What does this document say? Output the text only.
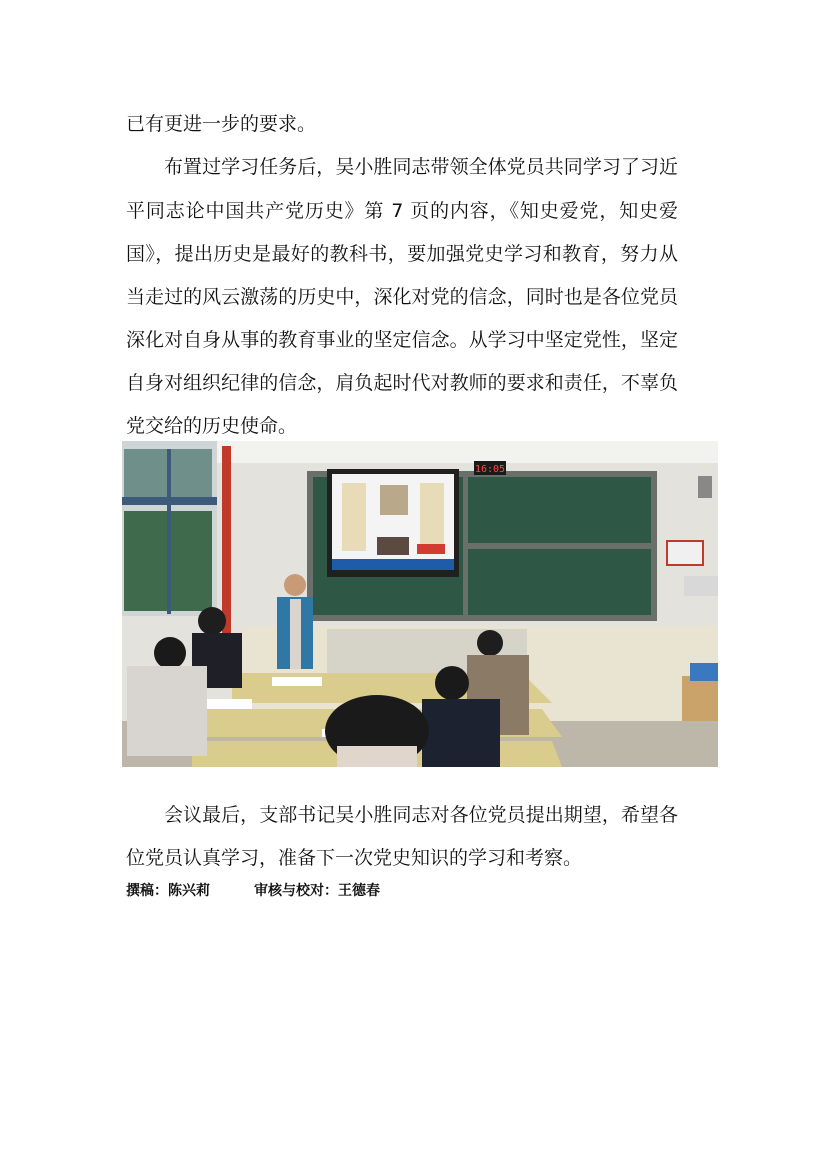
已有更进一步的要求。
布置过学习任务后，吴小胜同志带领全体党员共同学习了习近
平同志论中国共产党历史》第 7 页的内容，《知史爱党，知史爱
国》，提出历史是最好的教科书，要加强党史学习和教育，努力从
当走过的风云激荡的历史中，深化对党的信念，同时也是各位党员
深化对自身从事的教育事业的坚定信念。从学习中坚定党性，坚定
自身对组织纪律的信念，肩负起时代对教师的要求和责任，不辜负
党交给的历史使命。
16:05
会议最后，支部书记吴小胜同志对各位党员提出期望，希望各
位党员认真学习，准备下一次党史知识的学习和考察。
撰稿：陈兴莉	审核与校对：王德春
